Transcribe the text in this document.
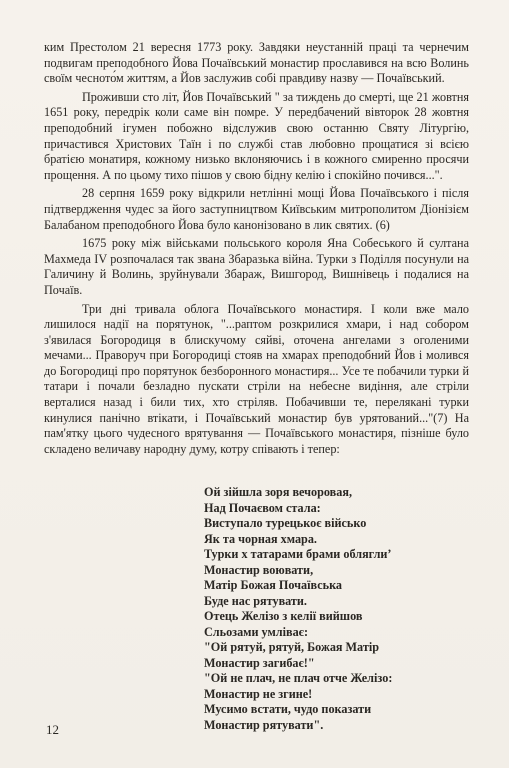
ким Престолом 21 вересня 1773 року. Завдяки неустанній праці та чернечим подвигам преподобного Йова Почаївський монастир прославився на всю Волинь своїм чесното́м життям, а Йов заслужив собі правдиву назву — Почаївський.

Проживши сто літ, Йов Почаївський " за тиждень до смерті, ще 21 жовтня 1651 року, передрік коли саме він помре. У передбачений вівторок 28 жовтня преподобний ігумен побожно відслужив свою останню Святу Літургію, причастився Христових Таїн і по службі став любовно прощатися зі всією братією монатиря, кожному низько вклоняючись і в кожного смиренно просячи прощення. А по цьому тихо пішов у свою бідну келію і спокійно почився...".

28 серпня 1659 року відкрили нетлінні мощі Йова Почаївського і після підтвердження чудес за його заступництвом Київським митрополитом Діонізієм Балабаном преподобного Йова було канонізовано в лик святих. (6)

1675 року між військами польського короля Яна Собеського й султана Махмеда IV розпочалася так звана Збаразька війна. Турки з Поділля посунули на Галичину й Волинь, зруйнували Збараж, Вишгород, Вишнівець і подалися на Почаїв.

Три дні тривала облога Почаївського монастиря. І коли вже мало лишилося надії на порятунок, "...раптом розкрилися хмари, і над собором з'явилася Богородиця в блискучому сяйві, оточена ангелами з оголеними мечами... Праворуч при Богородиці стояв на хмарах преподобний Йов і молився до Богородиці про порятунок безборонного монастиря... Усе те побачили турки й татари і почали безладно пускати стріли на небесне видіння, але стріли верталися назад і били тих, хто стріляв. Побачивши те, перелякані турки кинулися панічно втікати, і Почаївський монастир був урятований..."(7) На пам'ятку цього чудесного врятування — Почаївського монастиря, пізніше було складено величаву народну думу, котру співають і тепер:

Ой зійшла зоря вечоровая,
Над Почаєвом стала:
Виступало турецькоє військо
Як та чорная хмара.
Турки х татарами брами обляглиʼ
Монастир воювати,
Матір Божая Почаївська
Буде нас рятувати.
Отець Желізо з келії вийшов
Сльозами умліває:
"Ой рятуй, рятуй, Божая Матір
Монастир загибає!"
"Ой не плач, не плач отче Желізо:
Монастир не згине!
Мусимо встати, чудо показати
Монастир рятувати".
12
